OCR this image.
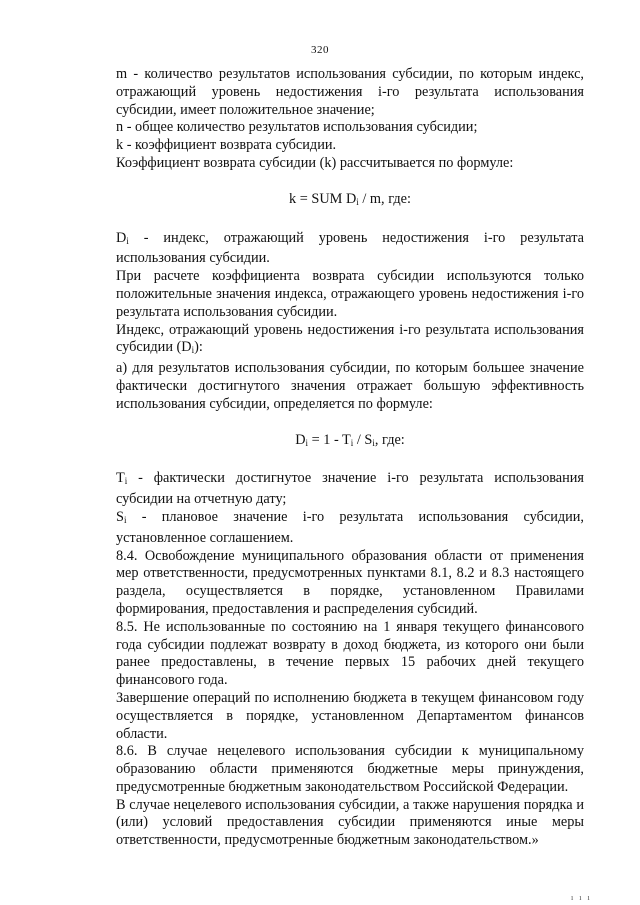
320

m - количество результатов использования субсидии, по которым индекс, отражающий уровень недостижения i-го результата использования субсидии, имеет положительное значение;

n - общее количество результатов использования субсидии;

k - коэффициент возврата субсидии.

Коэффициент возврата субсидии (k) рассчитывается по формуле:

k = SUM $D_i$ / m, где:

$D_i$ - индекс, отражающий уровень недостижения i-го результата использования субсидии.

При расчете коэффициента возврата субсидии используются только положительные значения индекса, отражающего уровень недостижения i-го результата использования субсидии.

Индекс, отражающий уровень недостижения i-го результата использования субсидии $(D_i)$:

а) для результатов использования субсидии, по которым большее значение фактически достигнутого значения отражает большую эффективность использования субсидии, определяется по формуле:

$D_i = 1 - T_i / S_i$, где:

$T_i$ - фактически достигнутое значение i-го результата использования субсидии на отчетную дату;

$S_i$ - плановое значение i-го результата использования субсидии, установленное соглашением.

8.4. Освобождение муниципального образования области от применения мер ответственности, предусмотренных пунктами 8.1, 8.2 и 8.3 настоящего раздела, осуществляется в порядке, установленном Правилами формирования, предоставления и распределения субсидий.

8.5. Не использованные по состоянию на 1 января текущего финансового года субсидии подлежат возврату в доход бюджета, из которого они были ранее предоставлены, в течение первых 15 рабочих дней текущего финансового года.

Завершение операций по исполнению бюджета в текущем финансовом году осуществляется в порядке, установленном Департаментом финансов области.

8.6. В случае нецелевого использования субсидии к муниципальному образованию области применяются бюджетные меры принуждения, предусмотренные бюджетным законодательством Российской Федерации.

В случае нецелевого использования субсидии, а также нарушения порядка и (или) условий предоставления субсидии применяются иные меры ответственности, предусмотренные бюджетным законодательством.»

ı ı ı
